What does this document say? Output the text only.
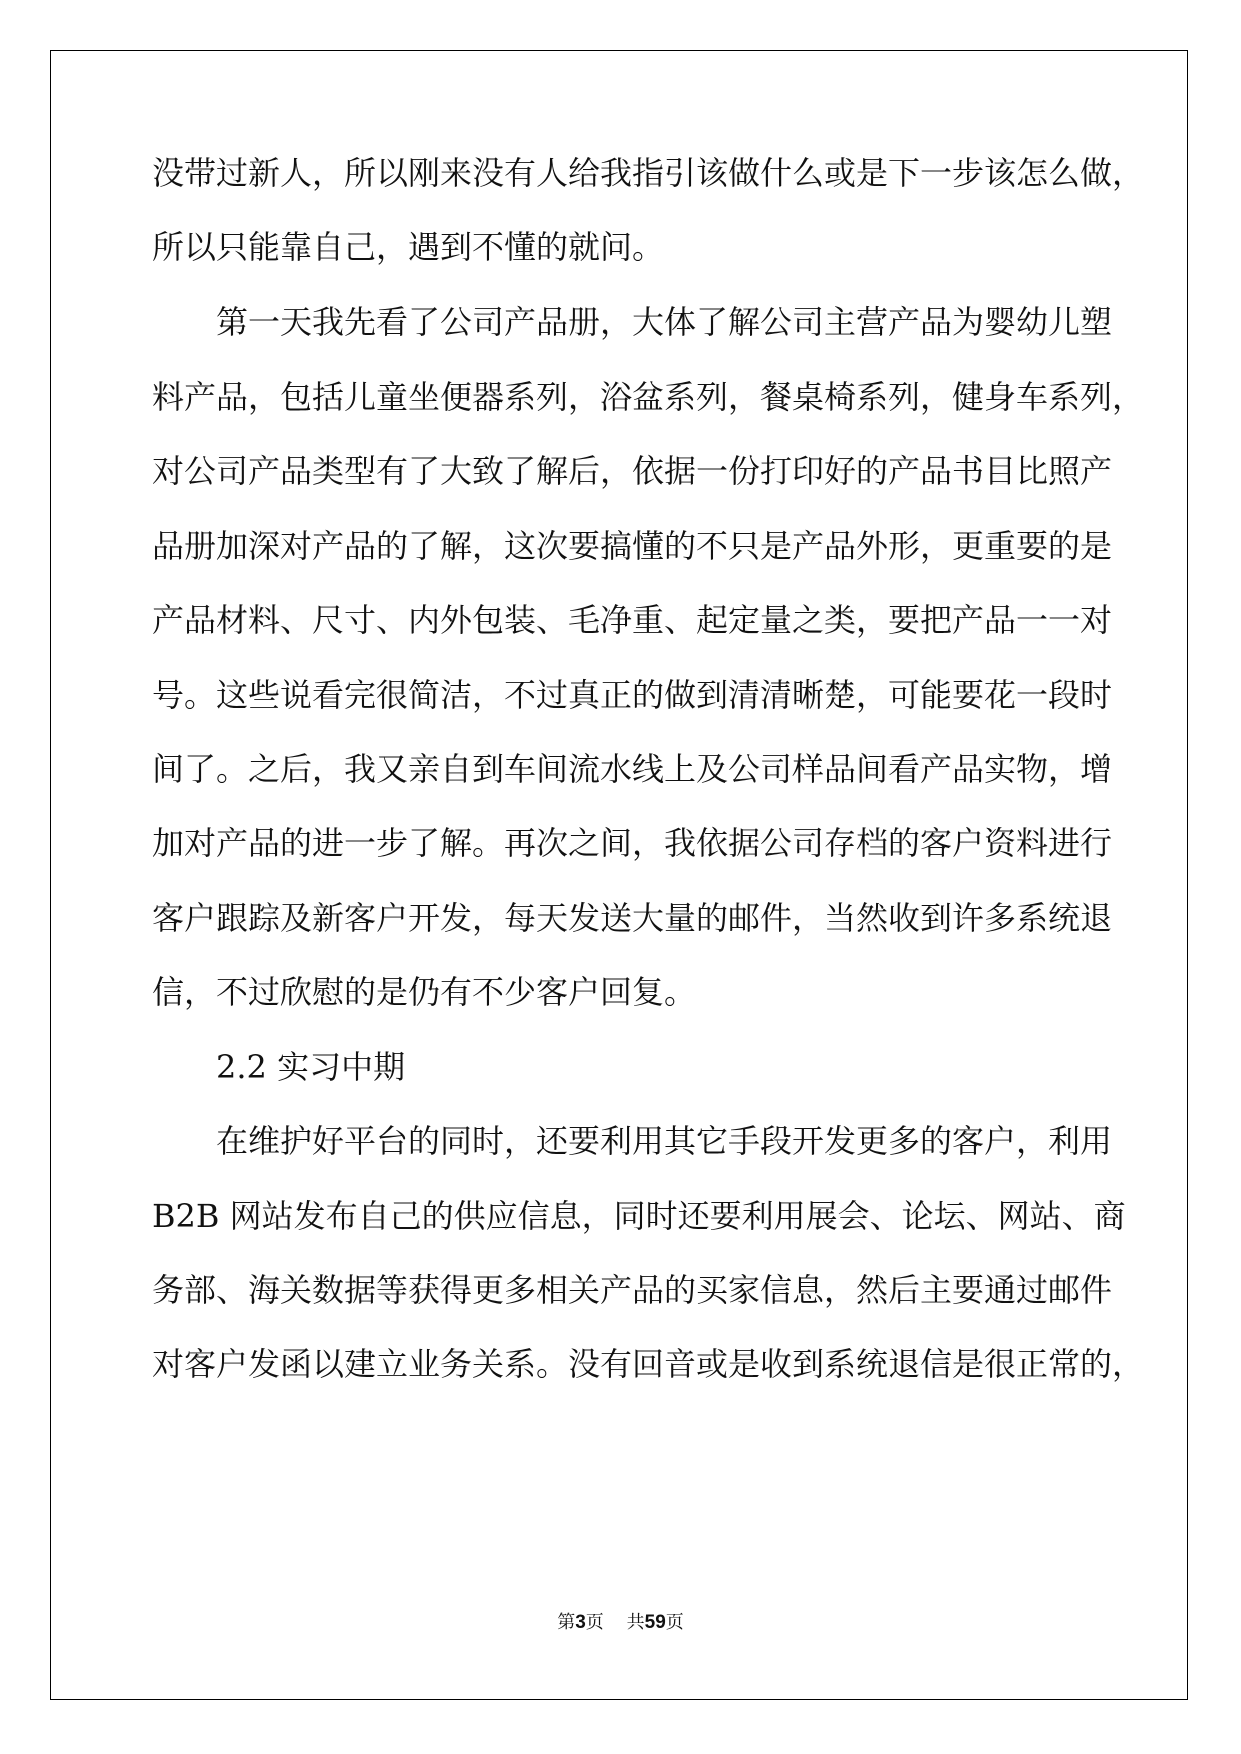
没带过新人，所以刚来没有人给我指引该做什么或是下一步该怎么做，
所以只能靠自己，遇到不懂的就问。
第一天我先看了公司产品册，大体了解公司主营产品为婴幼儿塑
料产品，包括儿童坐便器系列，浴盆系列，餐桌椅系列，健身车系列，
对公司产品类型有了大致了解后，依据一份打印好的产品书目比照产
品册加深对产品的了解，这次要搞懂的不只是产品外形，更重要的是
产品材料、尺寸、内外包装、毛净重、起定量之类，要把产品一一对
号。这些说看完很简洁，不过真正的做到清清晰楚，可能要花一段时
间了。之后，我又亲自到车间流水线上及公司样品间看产品实物，增
加对产品的进一步了解。再次之间，我依据公司存档的客户资料进行
客户跟踪及新客户开发，每天发送大量的邮件，当然收到许多系统退
信，不过欣慰的是仍有不少客户回复。
2.2 实习中期
在维护好平台的同时，还要利用其它手段开发更多的客户，利用
B2B 网站发布自己的供应信息，同时还要利用展会、论坛、网站、商
务部、海关数据等获得更多相关产品的买家信息，然后主要通过邮件
对客户发函以建立业务关系。没有回音或是收到系统退信是很正常的，
第3页 共59页
